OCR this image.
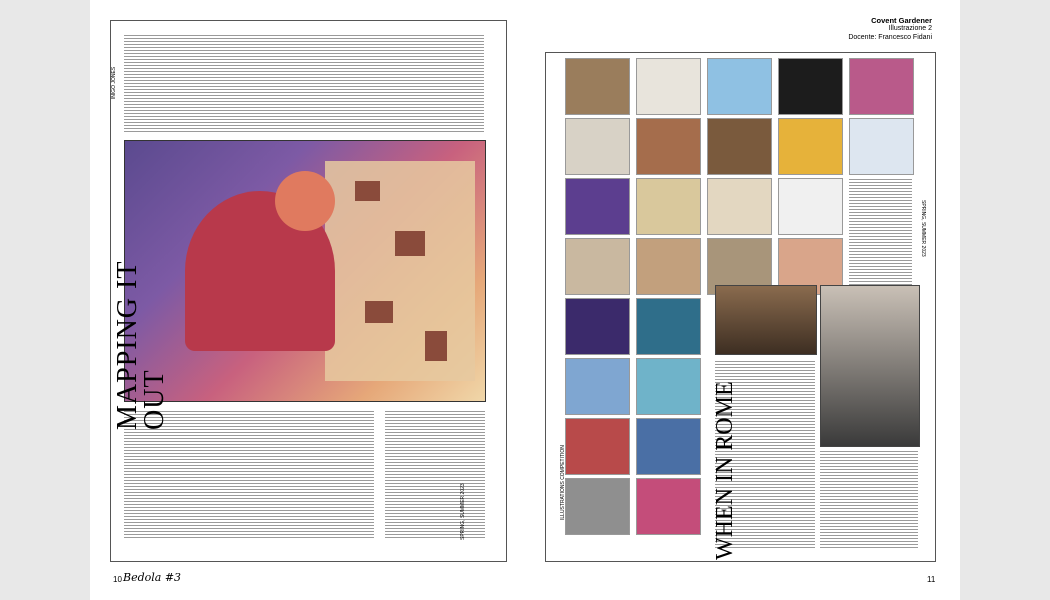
Covent Gardener
Illustrazione 2
Docente: Francesco Fidani
MAPPING IT OUT
INIGO JONES
SPRING, SUMMER 2023
10 Bedola #3
WHEN IN ROME
ILLUSTRATIONS COMPETITION
SPRING, SUMMER 2023
11
